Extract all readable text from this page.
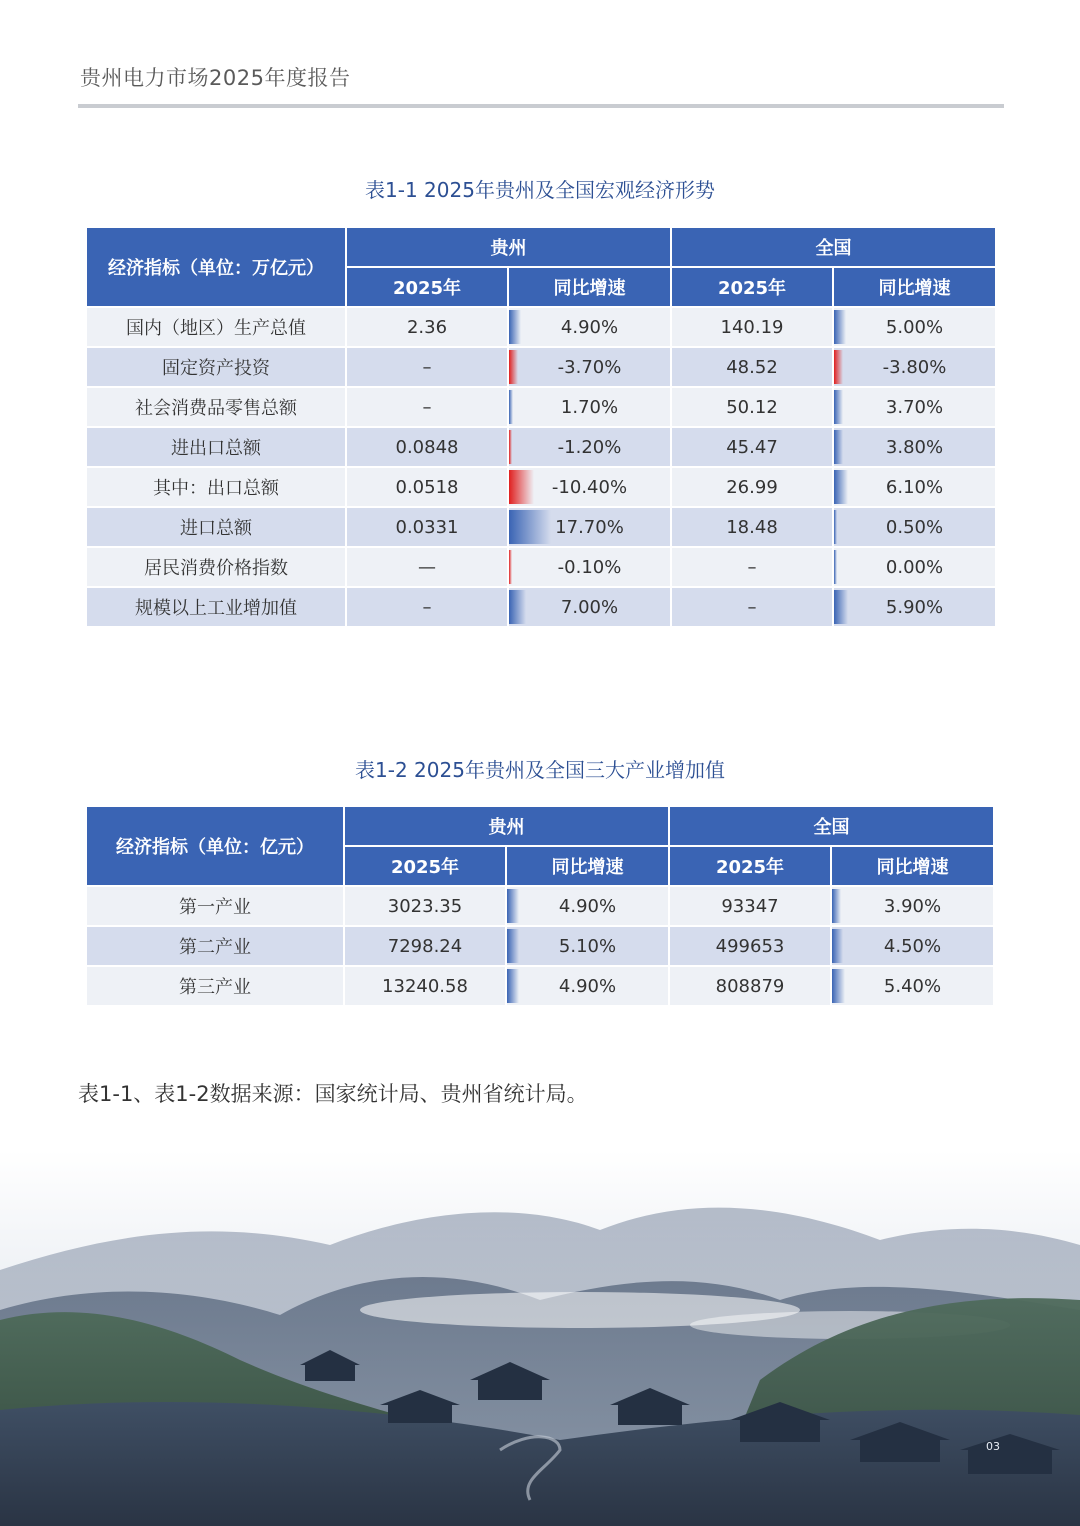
贵州电力市场2025年度报告
表1-1 2025年贵州及全国宏观经济形势
经济指标（单位：万亿元）	贵州		全国	
	2025年	同比增速	2025年	同比增速
国内（地区）生产总值	2.36	4.90%	140.19	5.00%
固定资产投资	–	-3.70%	48.52	-3.80%
社会消费品零售总额	–	1.70%	50.12	3.70%
进出口总额	0.0848	-1.20%	45.47	3.80%
其中：出口总额	0.0518	-10.40%	26.99	6.10%
进口总额	0.0331	17.70%	18.48	0.50%
居民消费价格指数	—	-0.10%	–	0.00%
规模以上工业增加值	–	7.00%	–	5.90%
表1-2 2025年贵州及全国三大产业增加值
经济指标（单位：亿元）	贵州		全国	
	2025年	同比增速	2025年	同比增速
第一产业	3023.35	4.90%	93347	3.90%
第二产业	7298.24	5.10%	499653	4.50%
第三产业	13240.58	4.90%	808879	5.40%
表1-1、表1-2数据来源：国家统计局、贵州省统计局。
03
